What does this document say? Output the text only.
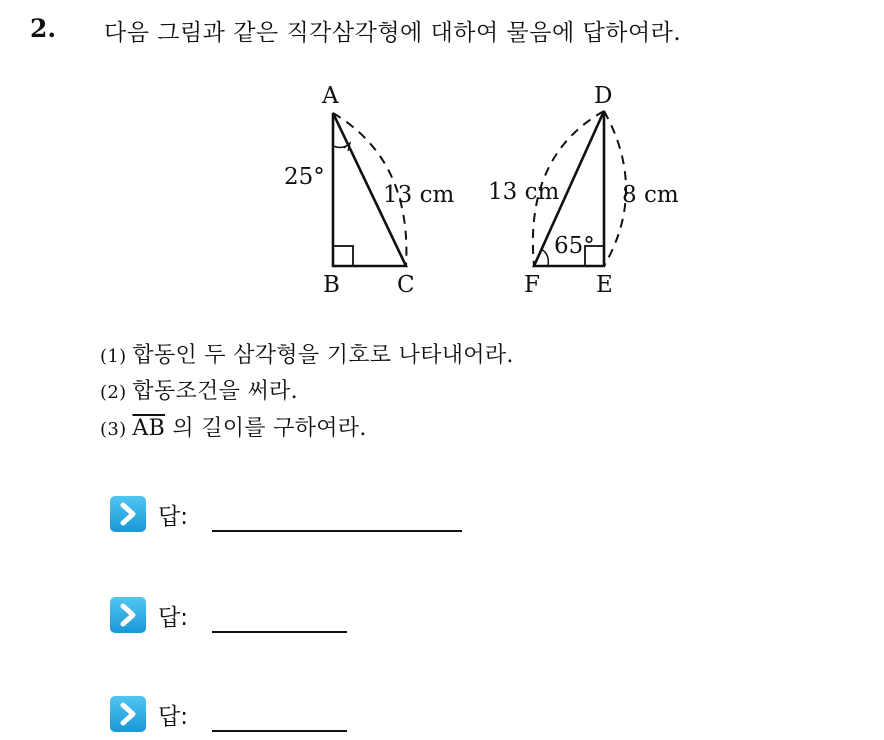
2. 다음 그림과 같은 직각삼각형에 대하여 물음에 답하여라.
A
B C
25°
13 cm
D
E
F
65°
13 cm	8 cm
(1) 합동인 두 삼각형을 기호로 나타내어라.
(2) 합동조건을 써라.
(3) $\overline{AB}$ 의 길이를 구하여라.
답:
답:
답:
